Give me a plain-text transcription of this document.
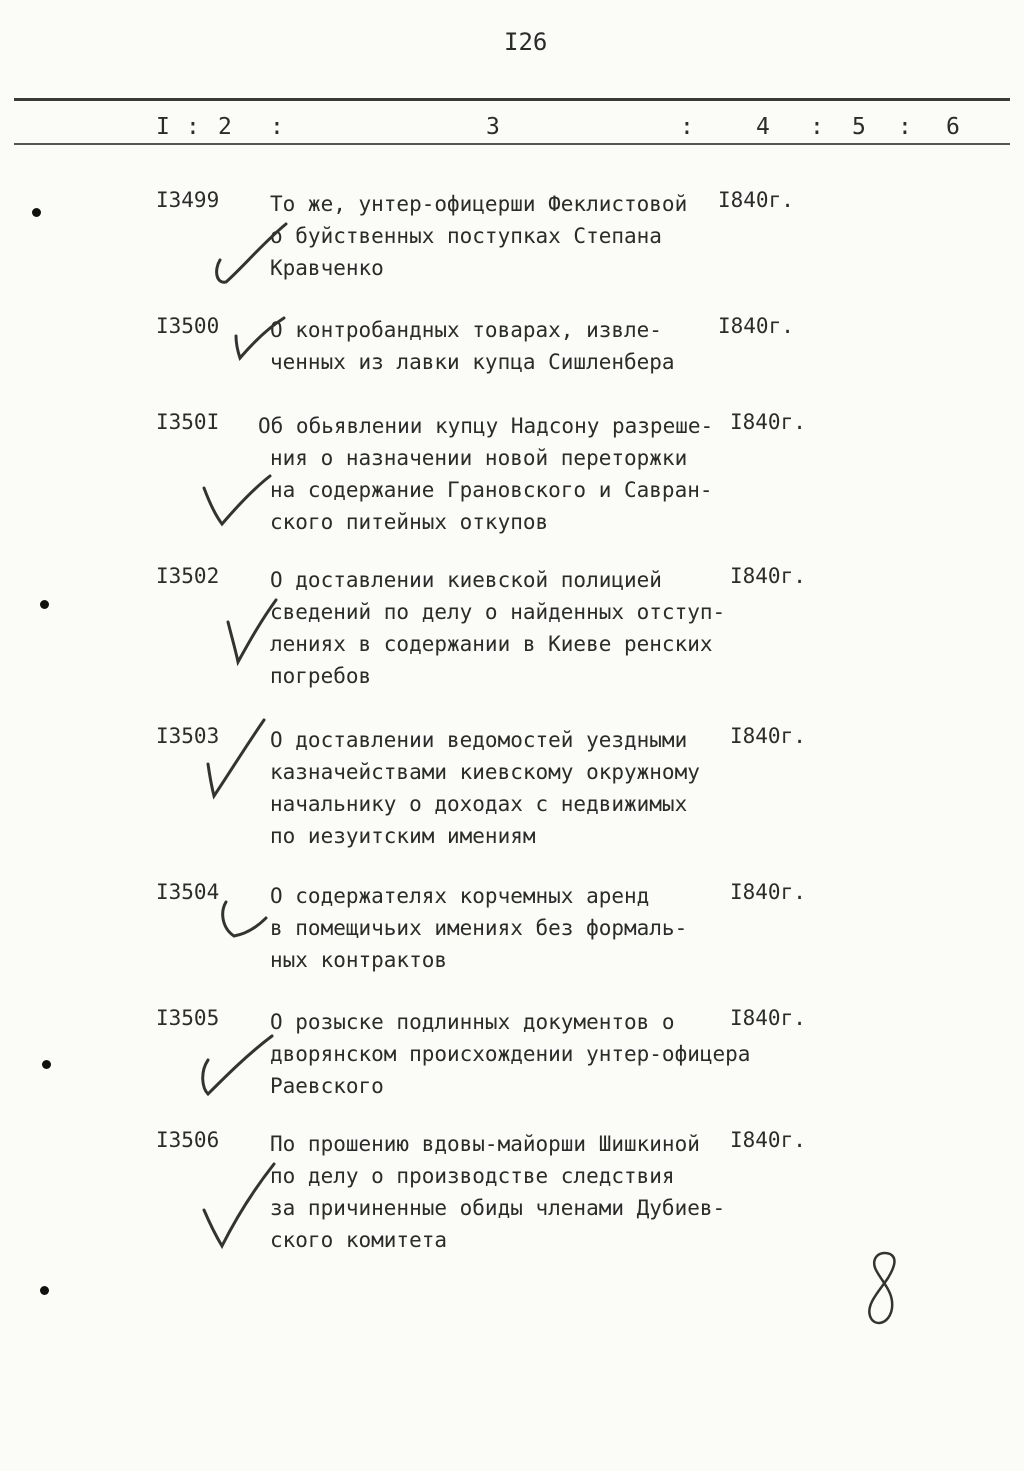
I26
I : 2 :	3	:	4 : 5 : 6
I3499 То же, унтер-офицерши Феклистовой
о буйственных поступках Степана
Кравченко
I840г.
I3500 О контробандных товарах, извле-
ченных из лавки купца Сишленбера
I840г.
I350I Об обьявлении купцу Надсону разреше-
ния о назначении новой переторжки
на содержание Грановского и Савран-
ского питейных откупов
I840г.
I3502 О доставлении киевской полицией
сведений по делу о найденных отступ-
лениях в содержании в Киеве ренских
погребов
I840г.
I3503 О доставлении ведомостей уездными
казначействами киевскому окружному
начальнику о доходах с недвижимых
по иезуитским имениям
I840г.
I3504 О содержателях корчемных аренд
в помещичьих имениях без формаль-
ных контрактов
I840г.
I3505 О розыске подлинных документов о
дворянском происхождении унтер-офицера
Раевского
I840г.
I3506 По прошению вдовы-майорши Шишкиной
по делу о производстве следствия
за причиненные обиды членами Дубиев-
ского комитета
I840г.
